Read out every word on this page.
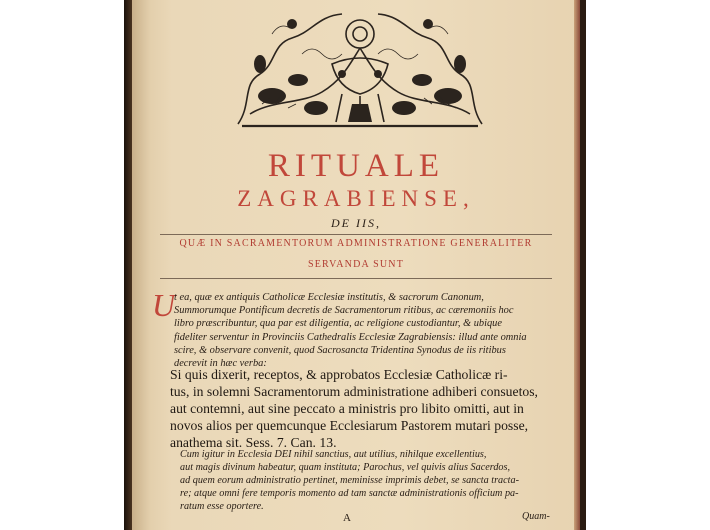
RITUALE
ZAGRABIENSE,
DE IIS,
QUÆ IN SACRAMENTORUM ADMINISTRATIONE GENERALITER
SERVANDA SUNT
U
t ea, quæ ex antiquis Catholicæ Ecclesiæ institutis, & sacrorum Canonum,
Summorumque Pontificum decretis de Sacramentorum ritibus, ac cæremoniis hoc
libro præscribuntur, qua par est diligentia, ac religione custodiantur, & ubique
fideliter serventur in Provinciis Cathedralis Ecclesiæ Zagrabiensis: illud ante omnia
scire, & observare convenit, quod Sacrosancta Tridentina Synodus de iis ritibus
decrevit in hæc verba:
Si quis dixerit, receptos, & approbatos Ecclesiæ Catholicæ ri-
tus, in solemni Sacramentorum administratione adhiberi consuetos,
aut contemni, aut sine peccato a ministris pro libito omitti, aut in
novos alios per quemcunque Ecclesiarum Pastorem mutari posse,
anathema sit. Sess. 7. Can. 13.
Cum igitur in Ecclesia DEI nihil sanctius, aut utilius, nihilque excellentius,
aut magis divinum habeatur, quam instituta; Parochus, vel quivis alius Sacerdos,
ad quem eorum administratio pertinet, meminisse imprimis debet, se sancta tracta-
re; atque omni fere temporis momento ad tam sanctæ administrationis officium pa-
ratum esse oportere.
A	Quam-
